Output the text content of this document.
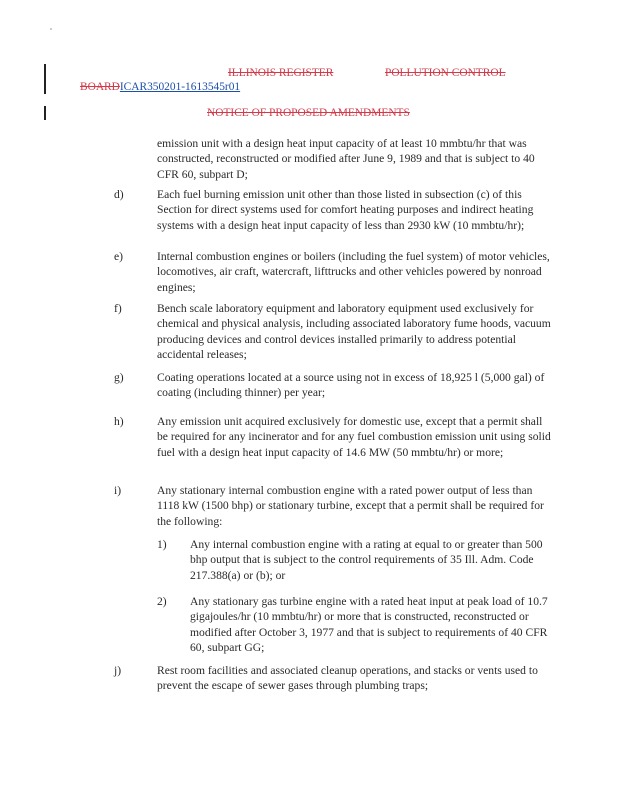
ILLINOIS REGISTER	POLLUTION CONTROL
BOARDICAR350201-1613545r01
NOTICE OF PROPOSED AMENDMENTS

emission unit with a design heat input capacity of at least 10 mmbtu/hr that was constructed, reconstructed or modified after June 9, 1989 and that is subject to 40 CFR 60, subpart D;

d)	Each fuel burning emission unit other than those listed in subsection (c) of this Section for direct systems used for comfort heating purposes and indirect heating systems with a design heat input capacity of less than 2930 kW (10 mmbtu/hr);

e)	Internal combustion engines or boilers (including the fuel system) of motor vehicles, locomotives, air craft, watercraft, lifttrucks and other vehicles powered by nonroad engines;

f)	Bench scale laboratory equipment and laboratory equipment used exclusively for chemical and physical analysis, including associated laboratory fume hoods, vacuum producing devices and control devices installed primarily to address potential accidental releases;

g)	Coating operations located at a source using not in excess of 18,925 l (5,000 gal) of coating (including thinner) per year;

h)	Any emission unit acquired exclusively for domestic use, except that a permit shall be required for any incinerator and for any fuel combustion emission unit using solid fuel with a design heat input capacity of 14.6 MW (50 mmbtu/hr) or more;

i)	Any stationary internal combustion engine with a rated power output of less than 1118 kW (1500 bhp) or stationary turbine, except that a permit shall be required for the following:

1) Any internal combustion engine with a rating at equal to or greater than 500 bhp output that is subject to the control requirements of 35 Ill. Adm. Code 217.388(a) or (b); or

2) Any stationary gas turbine engine with a rated heat input at peak load of 10.7 gigajoules/hr (10 mmbtu/hr) or more that is constructed, reconstructed or modified after October 3, 1977 and that is subject to requirements of 40 CFR 60, subpart GG;

j)	Rest room facilities and associated cleanup operations, and stacks or vents used to prevent the escape of sewer gases through plumbing traps;
